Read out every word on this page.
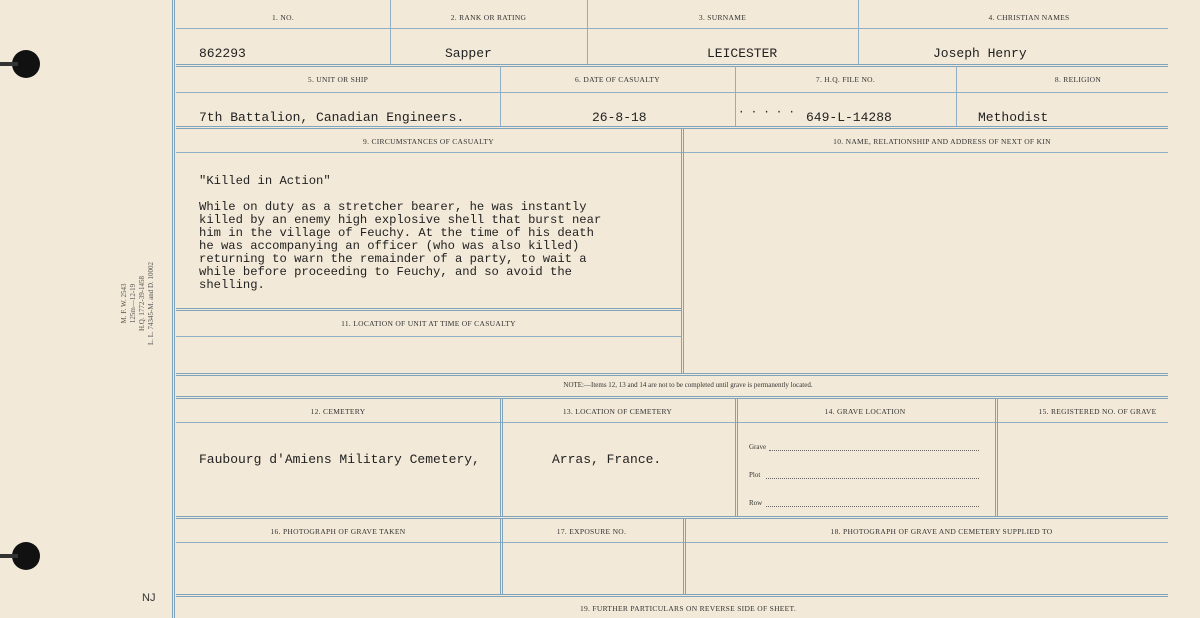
M. F. W. 2543 125m—12-19 H.Q. 1772-39-1458 L. L. 74345-M. and D. 10002
NJ
1. NO.	2. RANK OR RATING	3. SURNAME	4. CHRISTIAN NAMES
862293	Sapper	LEICESTER	Joseph Henry
5. UNIT OR SHIP	6. DATE OF CASUALTY	7. H.Q. FILE NO.	8. RELIGION
7th Battalion, Canadian Engineers.	26-8-18	····· 649-L-14288	Methodist
9. CIRCUMSTANCES OF CASUALTY	10. NAME, RELATIONSHIP AND ADDRESS OF NEXT OF KIN
"Killed in Action"
While on duty as a stretcher bearer, he was instantly
killed by an enemy high explosive shell that burst near
him in the village of Feuchy. At the time of his death
he was accompanying an officer (who was also killed)
returning to warn the remainder of a party, to wait a
while before proceeding to Feuchy, and so avoid the
shelling.
11. LOCATION OF UNIT AT TIME OF CASUALTY
NOTE:—Items 12, 13 and 14 are not to be completed until grave is permanently located.
12. CEMETERY	13. LOCATION OF CEMETERY	14. GRAVE LOCATION	15. REGISTERED NO. OF GRAVE
Faubourg d'Amiens Military Cemetery,	Arras, France.
Grave
Plot
Row
16. PHOTOGRAPH OF GRAVE TAKEN	17. EXPOSURE NO.	18. PHOTOGRAPH OF GRAVE AND CEMETERY SUPPLIED TO
19. FURTHER PARTICULARS ON REVERSE SIDE OF SHEET.
